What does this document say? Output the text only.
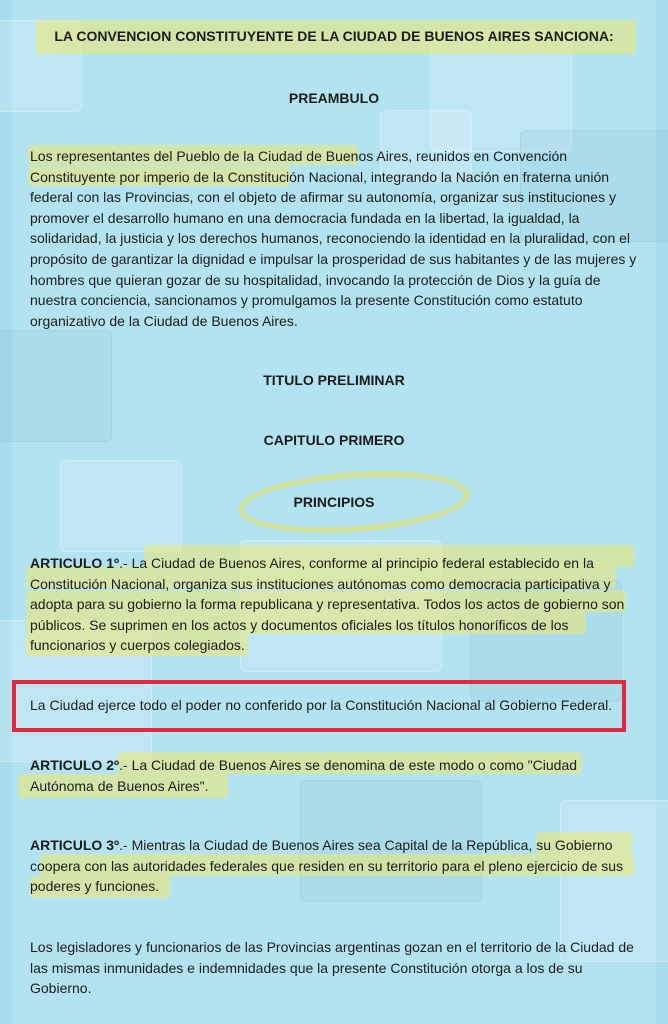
LA CONVENCION CONSTITUYENTE DE LA CIUDAD DE BUENOS AIRES SANCIONA:
PREAMBULO
Los representantes del Pueblo de la Ciudad de Buenos Aires, reunidos en Convención Constituyente por imperio de la Constitución Nacional, integrando la Nación en fraterna unión federal con las Provincias, con el objeto de afirmar su autonomía, organizar sus instituciones y promover el desarrollo humano en una democracia fundada en la libertad, la igualdad, la solidaridad, la justicia y los derechos humanos, reconociendo la identidad en la pluralidad, con el propósito de garantizar la dignidad e impulsar la prosperidad de sus habitantes y de las mujeres y hombres que quieran gozar de su hospitalidad, invocando la protección de Dios y la guía de nuestra conciencia, sancionamos y promulgamos la presente Constitución como estatuto organizativo de la Ciudad de Buenos Aires.
TITULO PRELIMINAR
CAPITULO PRIMERO
PRINCIPIOS
ARTICULO 1º.- La Ciudad de Buenos Aires, conforme al principio federal establecido en la Constitución Nacional, organiza sus instituciones autónomas como democracia participativa y adopta para su gobierno la forma republicana y representativa. Todos los actos de gobierno son públicos. Se suprimen en los actos y documentos oficiales los títulos honoríficos de los funcionarios y cuerpos colegiados.
La Ciudad ejerce todo el poder no conferido por la Constitución Nacional al Gobierno Federal.
ARTICULO 2º.- La Ciudad de Buenos Aires se denomina de este modo o como "Ciudad Autónoma de Buenos Aires".
ARTICULO 3º.- Mientras la Ciudad de Buenos Aires sea Capital de la República, su Gobierno coopera con las autoridades federales que residen en su territorio para el pleno ejercicio de sus poderes y funciones.
Los legisladores y funcionarios de las Provincias argentinas gozan en el territorio de la Ciudad de las mismas inmunidades e indemnidades que la presente Constitución otorga a los de su Gobierno.
